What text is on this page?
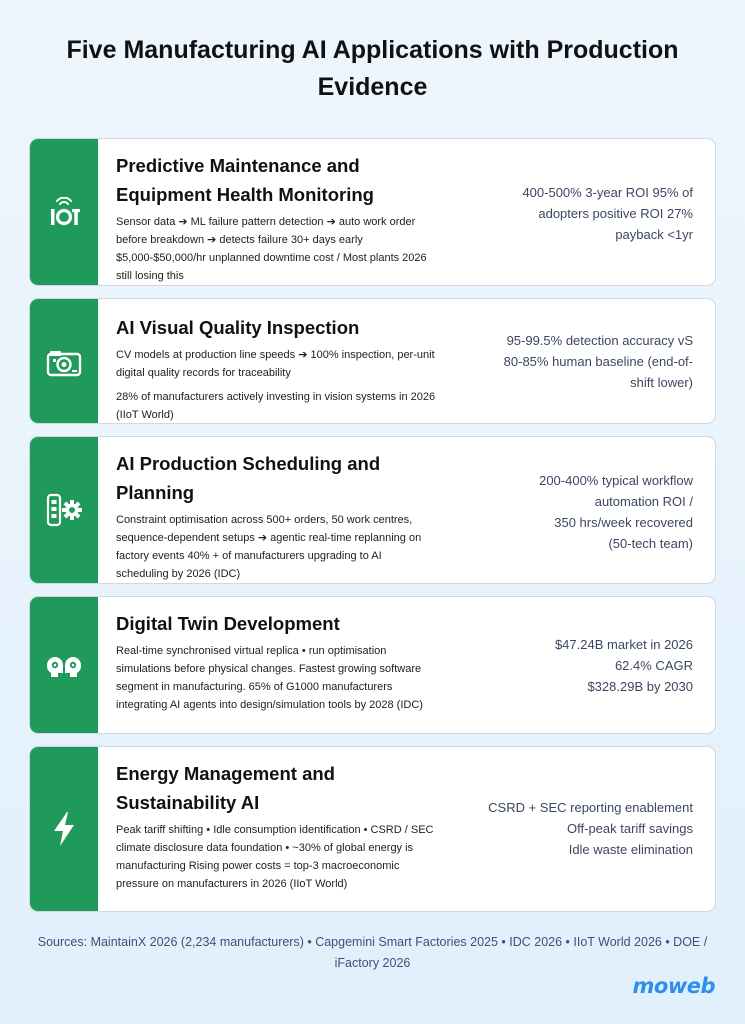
Five Manufacturing AI Applications with Production Evidence
Predictive Maintenance and Equipment Health Monitoring

Sensor data ➔ ML failure pattern detection ➔ auto work order before breakdown ➔ detects failure 30+ days early $5,000-$50,000/hr unplanned downtime cost / Most plants 2026 still losing this

400-500% 3-year ROI 95% of
adopters positive ROI 27%
payback <1yr
AI Visual Quality Inspection

CV models at production line speeds ➔ 100% inspection, per-unit digital quality records for traceability

28% of manufacturers actively investing in vision systems in 2026 (IIoT World)

95-99.5% detection accuracy vS
80-85% human baseline (end-of-
shift lower)
AI Production Scheduling and Planning

Constraint optimisation across 500+ orders, 50 work centres, sequence-dependent setups ➔ agentic real-time replanning on factory events 40% + of manufacturers upgrading to AI scheduling by 2026 (IDC)

200-400% typical workflow
automation ROI /
350 hrs/week recovered
(50-tech team)
Digital Twin Development

Real-time synchronised virtual replica • run optimisation simulations before physical changes. Fastest growing software segment in manufacturing. 65% of G1000 manufacturers integrating AI agents into design/simulation tools by 2028 (IDC)

$47.24B market in 2026
62.4% CAGR
$328.29B by 2030
Energy Management and Sustainability AI

Peak tariff shifting • Idle consumption identification • CSRD / SEC climate disclosure data foundation • ~30% of global energy is manufacturing Rising power costs = top-3 macroeconomic pressure on manufacturers in 2026 (IIoT World)

CSRD + SEC reporting enablement
Off-peak tariff savings
Idle waste elimination
Sources: MaintainX 2026 (2,234 manufacturers) • Capgemini Smart Factories 2025 • IDC 2026 • IIoT World 2026 • DOE / iFactory 2026
moweb
